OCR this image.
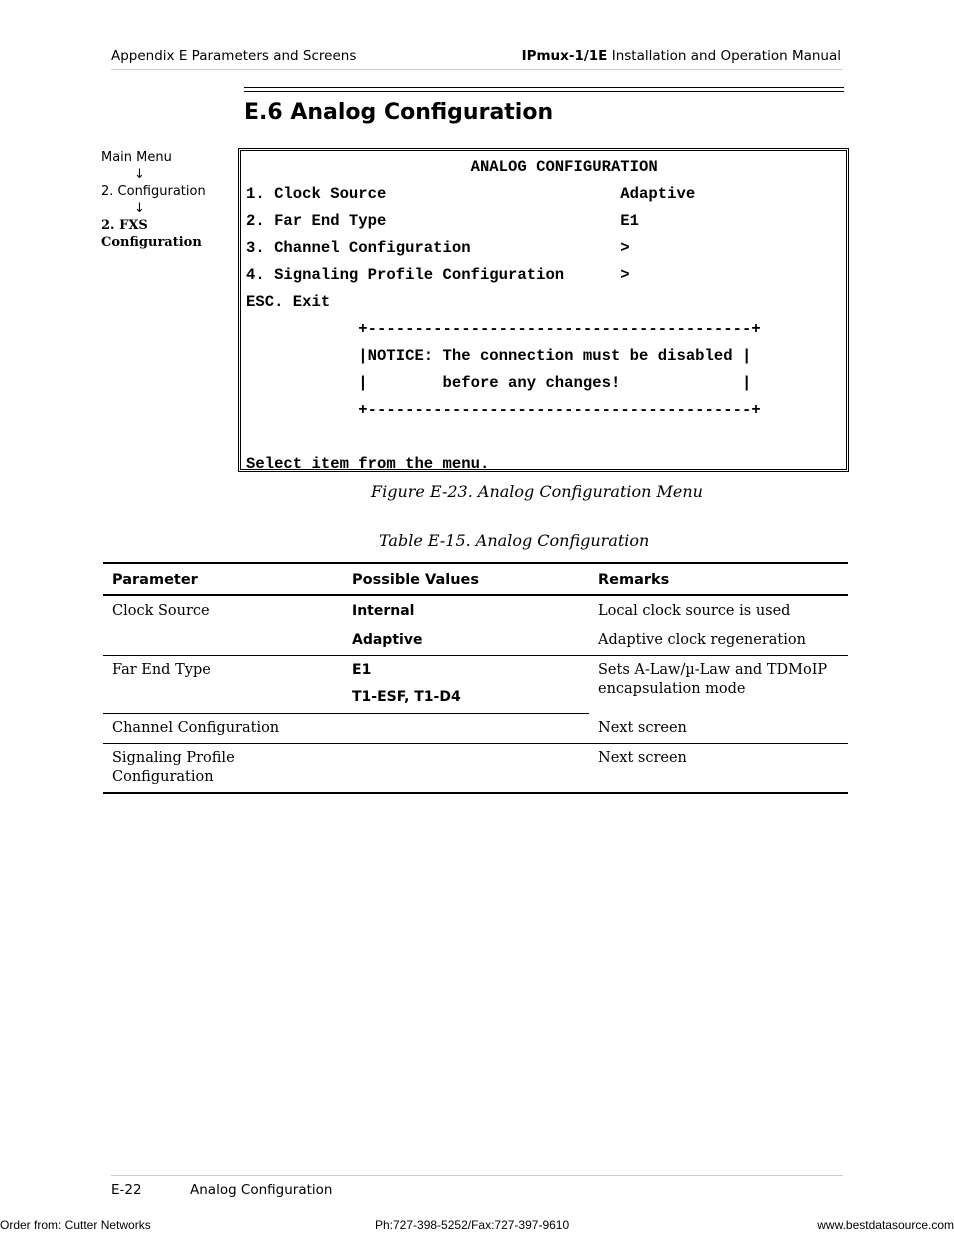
Appendix E Parameters and Screens	IPmux-1/1E Installation and Operation Manual
E.6 Analog Configuration
Main Menu
↓
2. Configuration
↓
2. FXS
Configuration
ANALOG CONFIGURATION
1. Clock Source                         Adaptive
2. Far End Type                         E1
3. Channel Configuration                >
4. Signaling Profile Configuration      >
ESC. Exit
+-----------------------------------------+
|NOTICE: The connection must be disabled |
|        before any changes!             |
+-----------------------------------------+

Select item from the menu.
Figure E-23. Analog Configuration Menu
Table E-15. Analog Configuration
Parameter	Possible Values	Remarks
Clock Source	Internal	Local clock source is used
	Adaptive	Adaptive clock regeneration
Far End Type	E1	Sets A-Law/µ-Law and TDMoIP encapsulation mode
	T1-ESF, T1-D4	
Channel Configuration		Next screen
Signaling Profile Configuration		Next screen
E-22	Analog Configuration
Order from: Cutter Networks	Ph:727-398-5252/Fax:727-397-9610	www.bestdatasource.com
